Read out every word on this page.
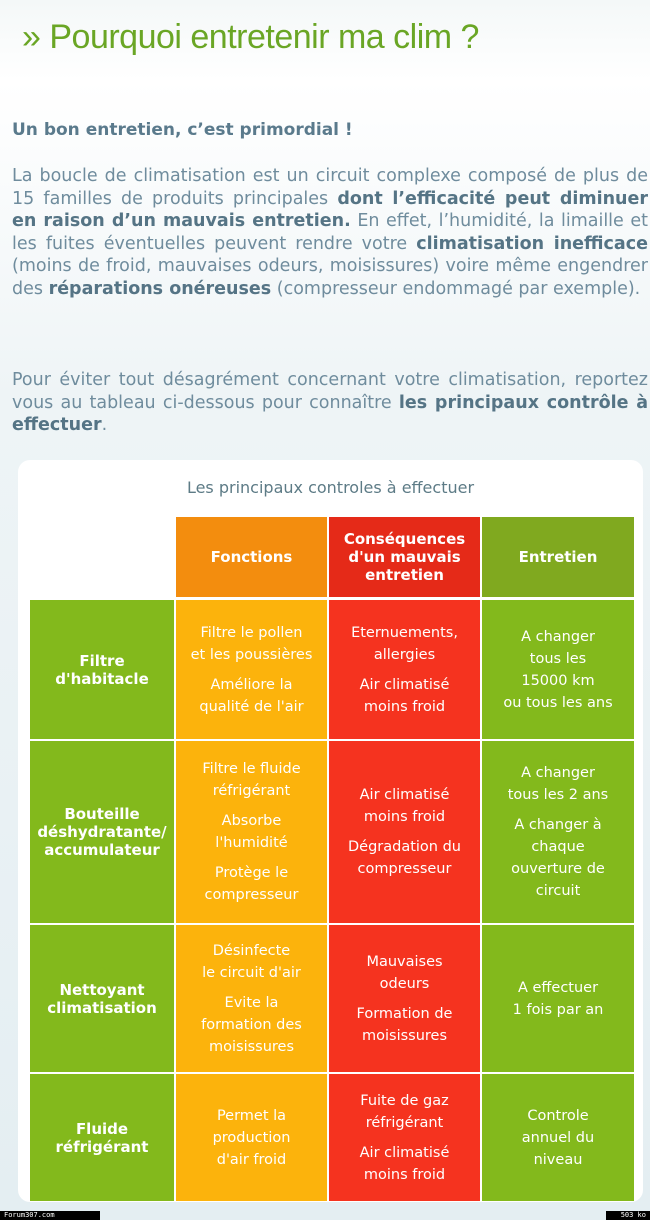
» Pourquoi entretenir ma clim ?
Un bon entretien, c’est primordial !

La boucle de climatisation est un circuit complexe composé de plus de 15 familles de produits principales dont l’efficacité peut diminuer en raison d’un mauvais entretien. En effet, l’humidité, la limaille et les fuites éventuelles peuvent rendre votre climatisation inefficace (moins de froid, mauvaises odeurs, moisissures) voire même engendrer des réparations onéreuses (compresseur endommagé par exemple).

Pour éviter tout désagrément concernant votre climatisation, reportez vous au tableau ci-dessous pour connaître les principaux contrôle à effectuer.

Les principaux controles à effectuer
Fonctions
Conséquences
d'un mauvais
entretien
Entretien
Filtre
d'habitacle
Filtre le pollen
et les poussières
Améliore la
qualité de l'air
Eternuements,
allergies
Air climatisé
moins froid
A changer
tous les
15000 km
ou tous les ans
Bouteille
déshydratante/
accumulateur
Filtre le fluide
réfrigérant
Absorbe
l'humidité
Protège le
compresseur
Air climatisé
moins froid
Dégradation du
compresseur
A changer
tous les 2 ans
A changer à
chaque
ouverture de
circuit
Nettoyant
climatisation
Désinfecte
le circuit d'air
Evite la
formation des
moisissures
Mauvaises
odeurs
Formation de
moisissures
A effectuer
1 fois par an
Fluide
réfrigérant
Permet la
production
d'air froid
Fuite de gaz
réfrigérant
Air climatisé
moins froid
Controle
annuel du
niveau
Forum307.com	503 ko
